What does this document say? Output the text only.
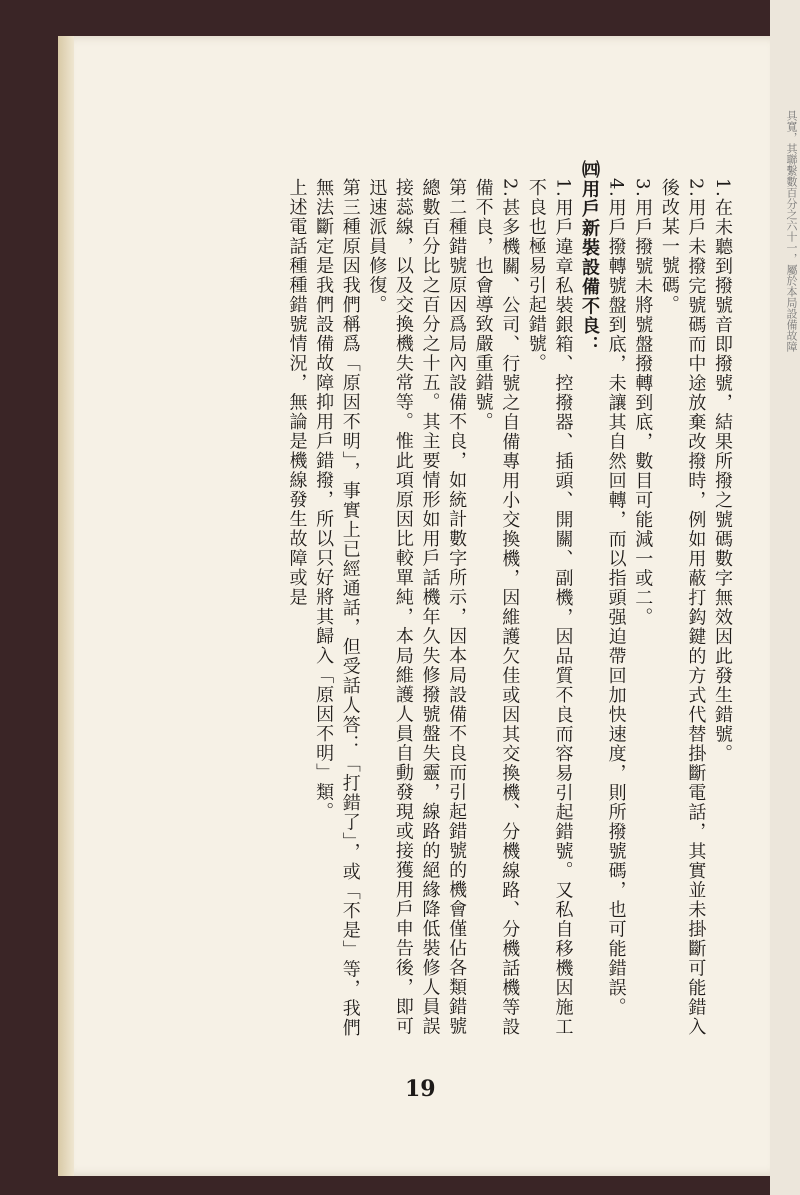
具寬，其聯繫數百分之六十一，屬於本局設備故障

1.在未聽到撥號音即撥號，結果所撥之號碼數字無效因此發生錯號。

2.用戶未撥完號碼而中途放棄改撥時，例如用蔽打鈎鍵的方式代替掛斷電話，其實並未掛斷可能錯入後改某一號碼。

3.用戶撥號未將號盤撥轉到底，數目可能減一或二。

4.用戶撥轉號盤到底，未讓其自然回轉，而以指頭强迫帶回加快速度，則所撥號碼，也可能錯誤。

㈣用戶新裝設備不良：

1.用戶違章私裝銀箱、控撥器、插頭、開關、副機，因品質不良而容易引起錯號。又私自移機因施工不良也極易引起錯號。

2.甚多機關、公司、行號之自備專用小交換機，因維護欠佳或因其交換機、分機線路、分機話機等設備不良，也會導致嚴重錯號。

第二種錯號原因爲局內設備不良，如統計數字所示，因本局設備不良而引起錯號的機會僅佔各類錯號總數百分比之百分之十五。其主要情形如用戶話機年久失修撥號盤失靈，線路的絕緣降低裝修人員誤接蕊線，以及交換機失常等。惟此項原因比較單純，本局維護人員自動發現或接獲用戶申告後，即可迅速派員修復。

第三種原因我們稱爲「原因不明」，事實上已經通話，但受話人答：「打錯了」，或「不是」等，我們無法斷定是我們設備故障抑用戶錯撥，所以只好將其歸入「原因不明」類。

上述電話種種錯號情況，無論是機線發生故障或是

19
